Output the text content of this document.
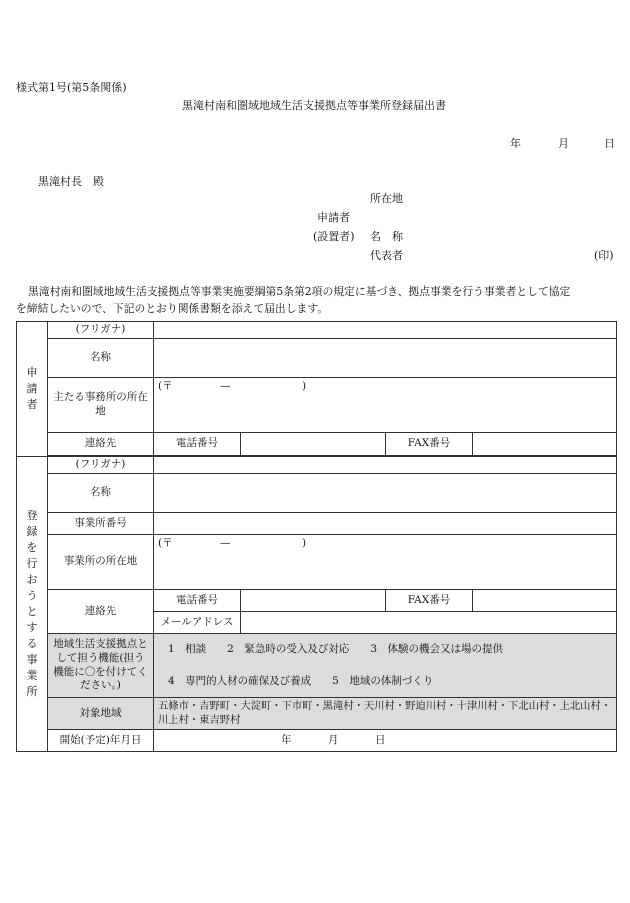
様式第1号(第5条関係)
黒滝村南和圏域地域生活支援拠点等事業所登録届出書
年	月	日
黒滝村長　殿
所在地
申請者
(設置者) 名　称
代表者	(印)
黒滝村南和圏域地域生活支援拠点等事業実施要綱第5条第2項の規定に基づき、拠点事業を行う事業者として協定
を締結したいので、下記のとおり関係書類を添えて届出します。
申請者	(フリガナ)				
	名称				
	主たる事務所の所在地	(〒 — )			

	連絡先	電話番号		FAX番号	

登録を行おうとする事業所	(フリガナ)				
	名称				
	事業所番号				
	事業所の所在地	(〒 — )			

	連絡先	電話番号		FAX番号	
		メールアドレス			
	地域生活支援拠点として担う機能(担う機能に〇を付けてください。)	1　相談　　2　緊急時の受入及び対応　　3　体験の機会又は場の提供
4　専門的人材の確保及び養成　　5　地域の体制づくり			

	対象地域	五條市・吉野町・大淀町・下市町・黒滝村・天川村・野迫川村・十津川村・下北山村・上北山村・川上村・東吉野村			
	開始(予定)年月日	年 月 日			
